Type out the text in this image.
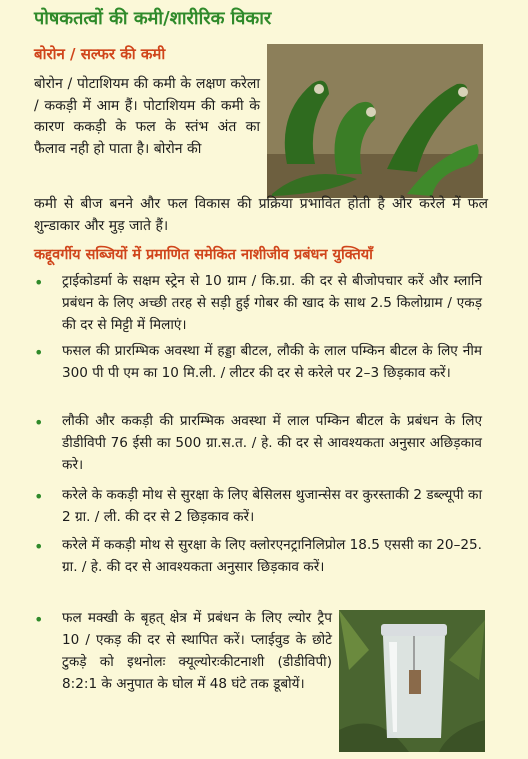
पोषकतत्वों की कमी/शारीरिक विकार
बोरोन / सल्फर की कमी
बोरोन / पोटाशियम की कमी के लक्षण करेला / ककड़ी में आम हैं। पोटाशियम की कमी के कारण ककड़ी के फल के स्तंभ अंत का फैलाव नही हो पाता है। बोरोन की
कमी से बीज बनने और फल विकास की प्रक्रिया प्रभावित होती है और करेले में फल शुन्डाकार और मुड़ जाते हैं।
कद्दूवर्गीय सब्जियों में प्रमाणित समेकित नाशीजीव प्रबंधन युक्तियाँ
• ट्राईकोडर्मा के सक्षम स्ट्रेन से 10 ग्राम / कि.ग्रा. की दर से बीजोपचार करें और म्लानि प्रबंधन के लिए अच्छी तरह से सड़ी हुई गोबर की खाद के साथ 2.5 किलोग्राम / एकड़ की दर से मिट्टी में मिलाएं।
• फसल की प्रारम्भिक अवस्था में हड्डा बीटल, लौकी के लाल पम्किन बीटल के लिए नीम 300 पी पी एम का 10 मि.ली. / लीटर की दर से करेले पर 2–3 छिड़काव करें।
• लौकी और ककड़ी की प्रारम्भिक अवस्था में लाल पम्किन बीटल के प्रबंधन के लिए डीडीविपी 76 ईसी का 500 ग्रा.स.त. / हे. की दर से आवश्यकता अनुसार अछिड़काव करे।
• करेले के ककड़ी मोथ से सुरक्षा के लिए बेसिलस थुजान्सेस वर कुरस्ताकी 2 डब्ल्यूपी का 2 ग्रा. / ली. की दर से 2 छिड़काव करें।
• करेले में ककड़ी मोथ से सुरक्षा के लिए क्लोरएनट्रानिलिप्रोल 18.5 एससी का 20–25. ग्रा. / हे. की दर से आवश्यकता अनुसार छिड़काव करें।
• फल मक्खी के बृहत् क्षेत्र में प्रबंधन के लिए ल्योर ट्रैप 10 / एकड़ की दर से स्थापित करें। प्लाईवुड के छोटे टुकड़े को इथनोलः क्यूल्योरःकीटनाशी (डीडीविपी) 8:2:1 के अनुपात के घोल में 48 घंटे तक डूबोयें।
